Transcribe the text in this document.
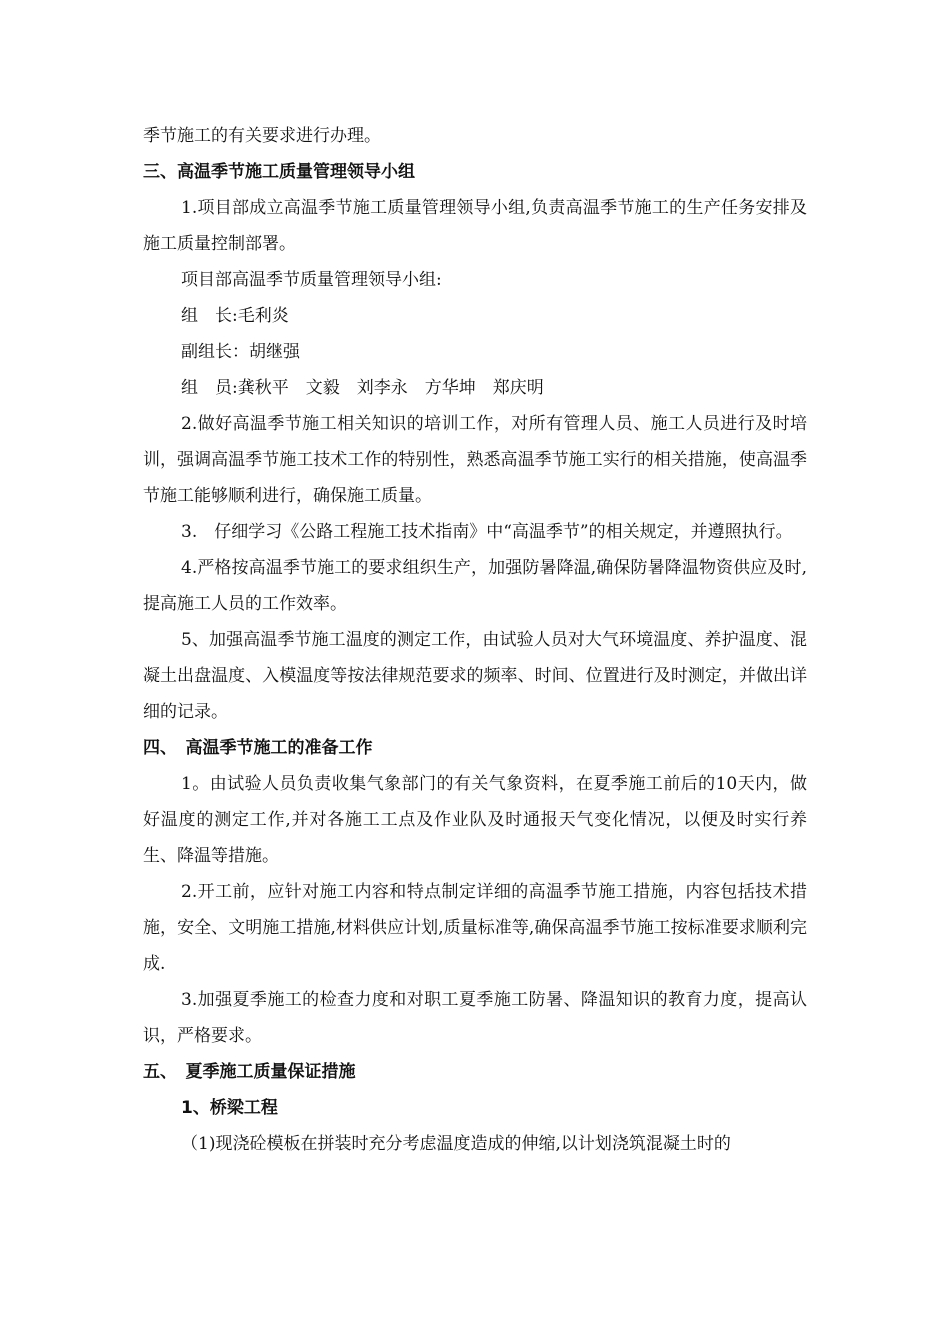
季节施工的有关要求进行办理。

三、高温季节施工质量管理领导小组

1.项目部成立高温季节施工质量管理领导小组,负责高温季节施工的生产任务安排及施工质量控制部署。

项目部高温季节质量管理领导小组:

组　长:毛利炎

副组长：胡继强

组　员:龚秋平　文毅　刘李永　方华坤　郑庆明

2.做好高温季节施工相关知识的培训工作，对所有管理人员、施工人员进行及时培训，强调高温季节施工技术工作的特别性，熟悉高温季节施工实行的相关措施，使高温季节施工能够顺利进行，确保施工质量。

3.　仔细学习《公路工程施工技术指南》中“高温季节”的相关规定，并遵照执行。

4.严格按高温季节施工的要求组织生产，加强防暑降温,确保防暑降温物资供应及时,提高施工人员的工作效率。

5、加强高温季节施工温度的测定工作，由试验人员对大气环境温度、养护温度、混凝土出盘温度、入模温度等按法律规范要求的频率、时间、位置进行及时测定，并做出详细的记录。

四、　高温季节施工的准备工作

1。由试验人员负责收集气象部门的有关气象资料，在夏季施工前后的10天内，做好温度的测定工作,并对各施工工点及作业队及时通报天气变化情况，以便及时实行养生、降温等措施。

2.开工前，应针对施工内容和特点制定详细的高温季节施工措施，内容包括技术措施，安全、文明施工措施,材料供应计划,质量标准等,确保高温季节施工按标准要求顺利完成.

3.加强夏季施工的检查力度和对职工夏季施工防暑、降温知识的教育力度，提高认识，严格要求。

五、　夏季施工质量保证措施

1、桥梁工程

（1)现浇砼模板在拼装时充分考虑温度造成的伸缩,以计划浇筑混凝土时的
